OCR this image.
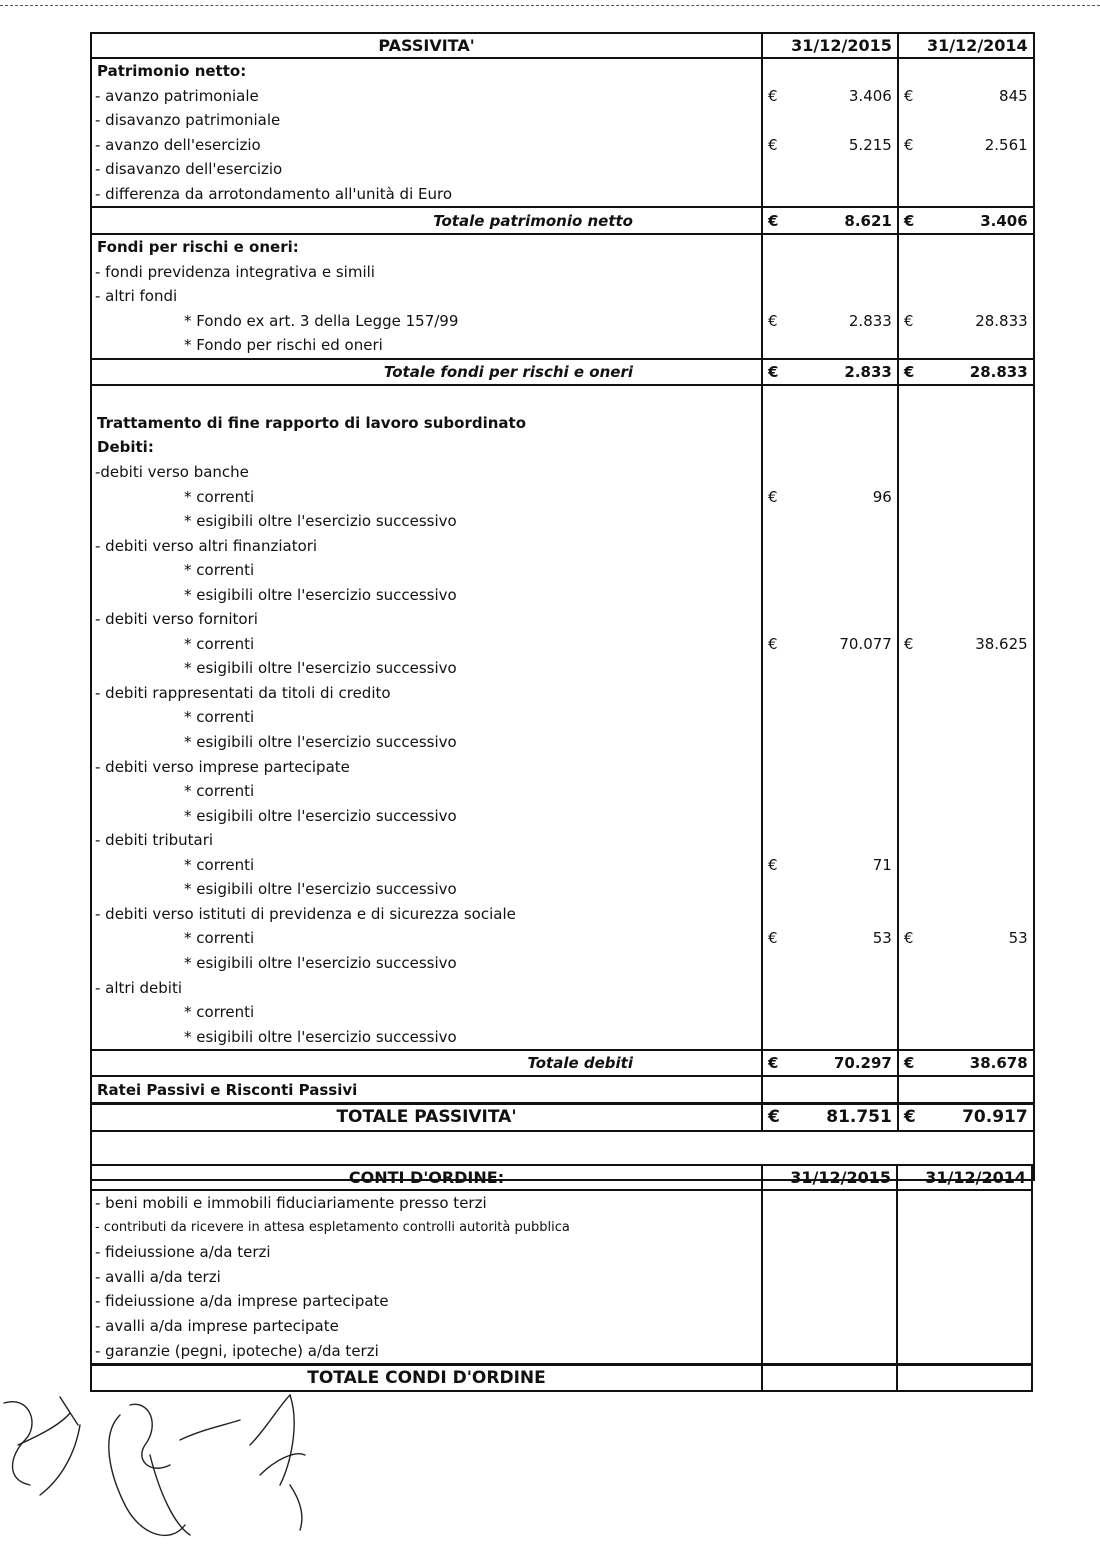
PASSIVITA'	31/12/2015		31/12/2014	
Patrimonio netto:				
- avanzo patrimoniale	€	3.406	€	845
- disavanzo patrimoniale				
- avanzo dell'esercizio	€	5.215	€	2.561
- disavanzo dell'esercizio				
- differenza da arrotondamento all'unità di Euro				
Totale patrimonio netto	€	8.621	€	3.406
Fondi per rischi e oneri:				
- fondi previdenza integrativa e simili				
- altri fondi				
* Fondo ex art. 3 della Legge 157/99	€	2.833	€	28.833
* Fondo per rischi ed oneri				
Totale fondi per rischi e oneri	€	2.833	€	28.833

Trattamento di fine rapporto di lavoro subordinato				
Debiti:				
-debiti verso banche				
* correnti	€	96		
* esigibili oltre l'esercizio successivo				
- debiti verso altri finanziatori				
* correnti				
* esigibili oltre l'esercizio successivo				
- debiti verso fornitori				
* correnti	€	70.077	€	38.625
* esigibili oltre l'esercizio successivo				
- debiti rappresentati da titoli di credito				
* correnti				
* esigibili oltre l'esercizio successivo				
- debiti verso imprese partecipate				
* correnti				
* esigibili oltre l'esercizio successivo				
- debiti tributari				
* correnti	€	71		
* esigibili oltre l'esercizio successivo				
- debiti verso istituti di previdenza e di sicurezza sociale				
* correnti	€	53	€	53
* esigibili oltre l'esercizio successivo				
- altri debiti				
* correnti				
* esigibili oltre l'esercizio successivo				
Totale debiti	€	70.297	€	38.678
Ratei Passivi e Risconti Passivi				
TOTALE PASSIVITA'	€	81.751	€	70.917

CONTI D'ORDINE:	31/12/2015		31/12/2014	
- beni mobili e immobili fiduciariamente presso terzi				
- contributi da ricevere in attesa espletamento controlli autorità pubblica				
- fideiussione a/da terzi				
- avalli a/da terzi				
- fideiussione a/da imprese partecipate				
- avalli a/da imprese partecipate				
- garanzie (pegni, ipoteche) a/da terzi				
TOTALE CONDI D'ORDINE				
